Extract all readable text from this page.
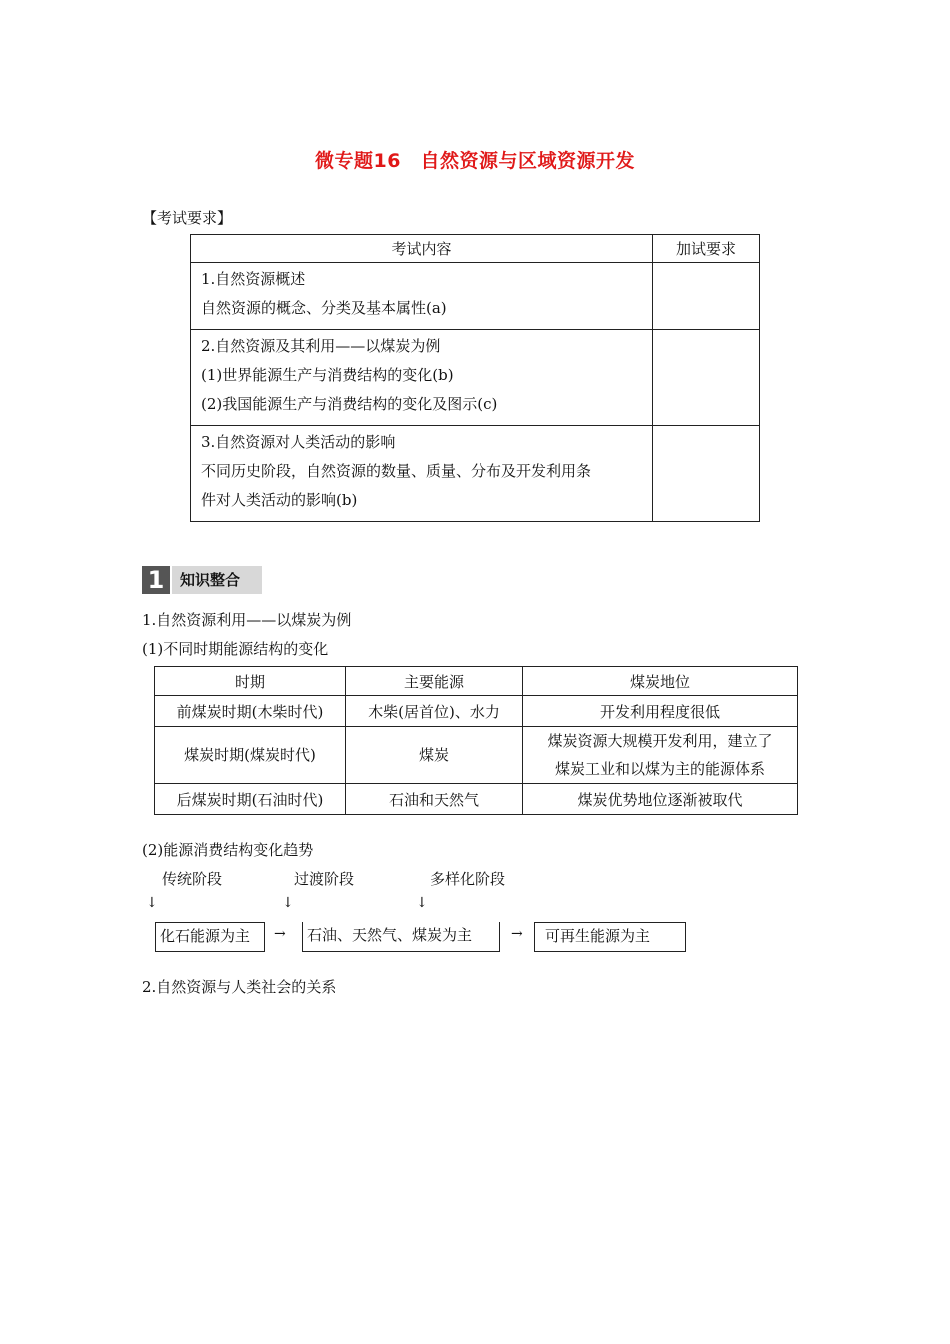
微专题16　自然资源与区域资源开发
【考试要求】
考试内容	加试要求

1.自然资源概述
自然资源的概念、分类及基本属性(a)	

2.自然资源及其利用——以煤炭为例
(1)世界能源生产与消费结构的变化(b)
(2)我国能源生产与消费结构的变化及图示(c)	

3.自然资源对人类活动的影响
不同历史阶段，自然资源的数量、质量、分布及开发利用条
件对人类活动的影响(b)	

1	知识整合
1.自然资源利用——以煤炭为例
(1)不同时期能源结构的变化
时期	主要能源	煤炭地位
前煤炭时期(木柴时代)	木柴(居首位)、水力	开发利用程度很低
煤炭时期(煤炭时代)	煤炭	煤炭资源大规模开发利用，建立了
煤炭工业和以煤为主的能源体系

后煤炭时期(石油时代)	石油和天然气	煤炭优势地位逐渐被取代
(2)能源消费结构变化趋势
传统阶段	过渡阶段	多样化阶段
↓	↓	↓
化石能源为主	→	石油、天然气、煤炭为主	→	可再生能源为主
2.自然资源与人类社会的关系
